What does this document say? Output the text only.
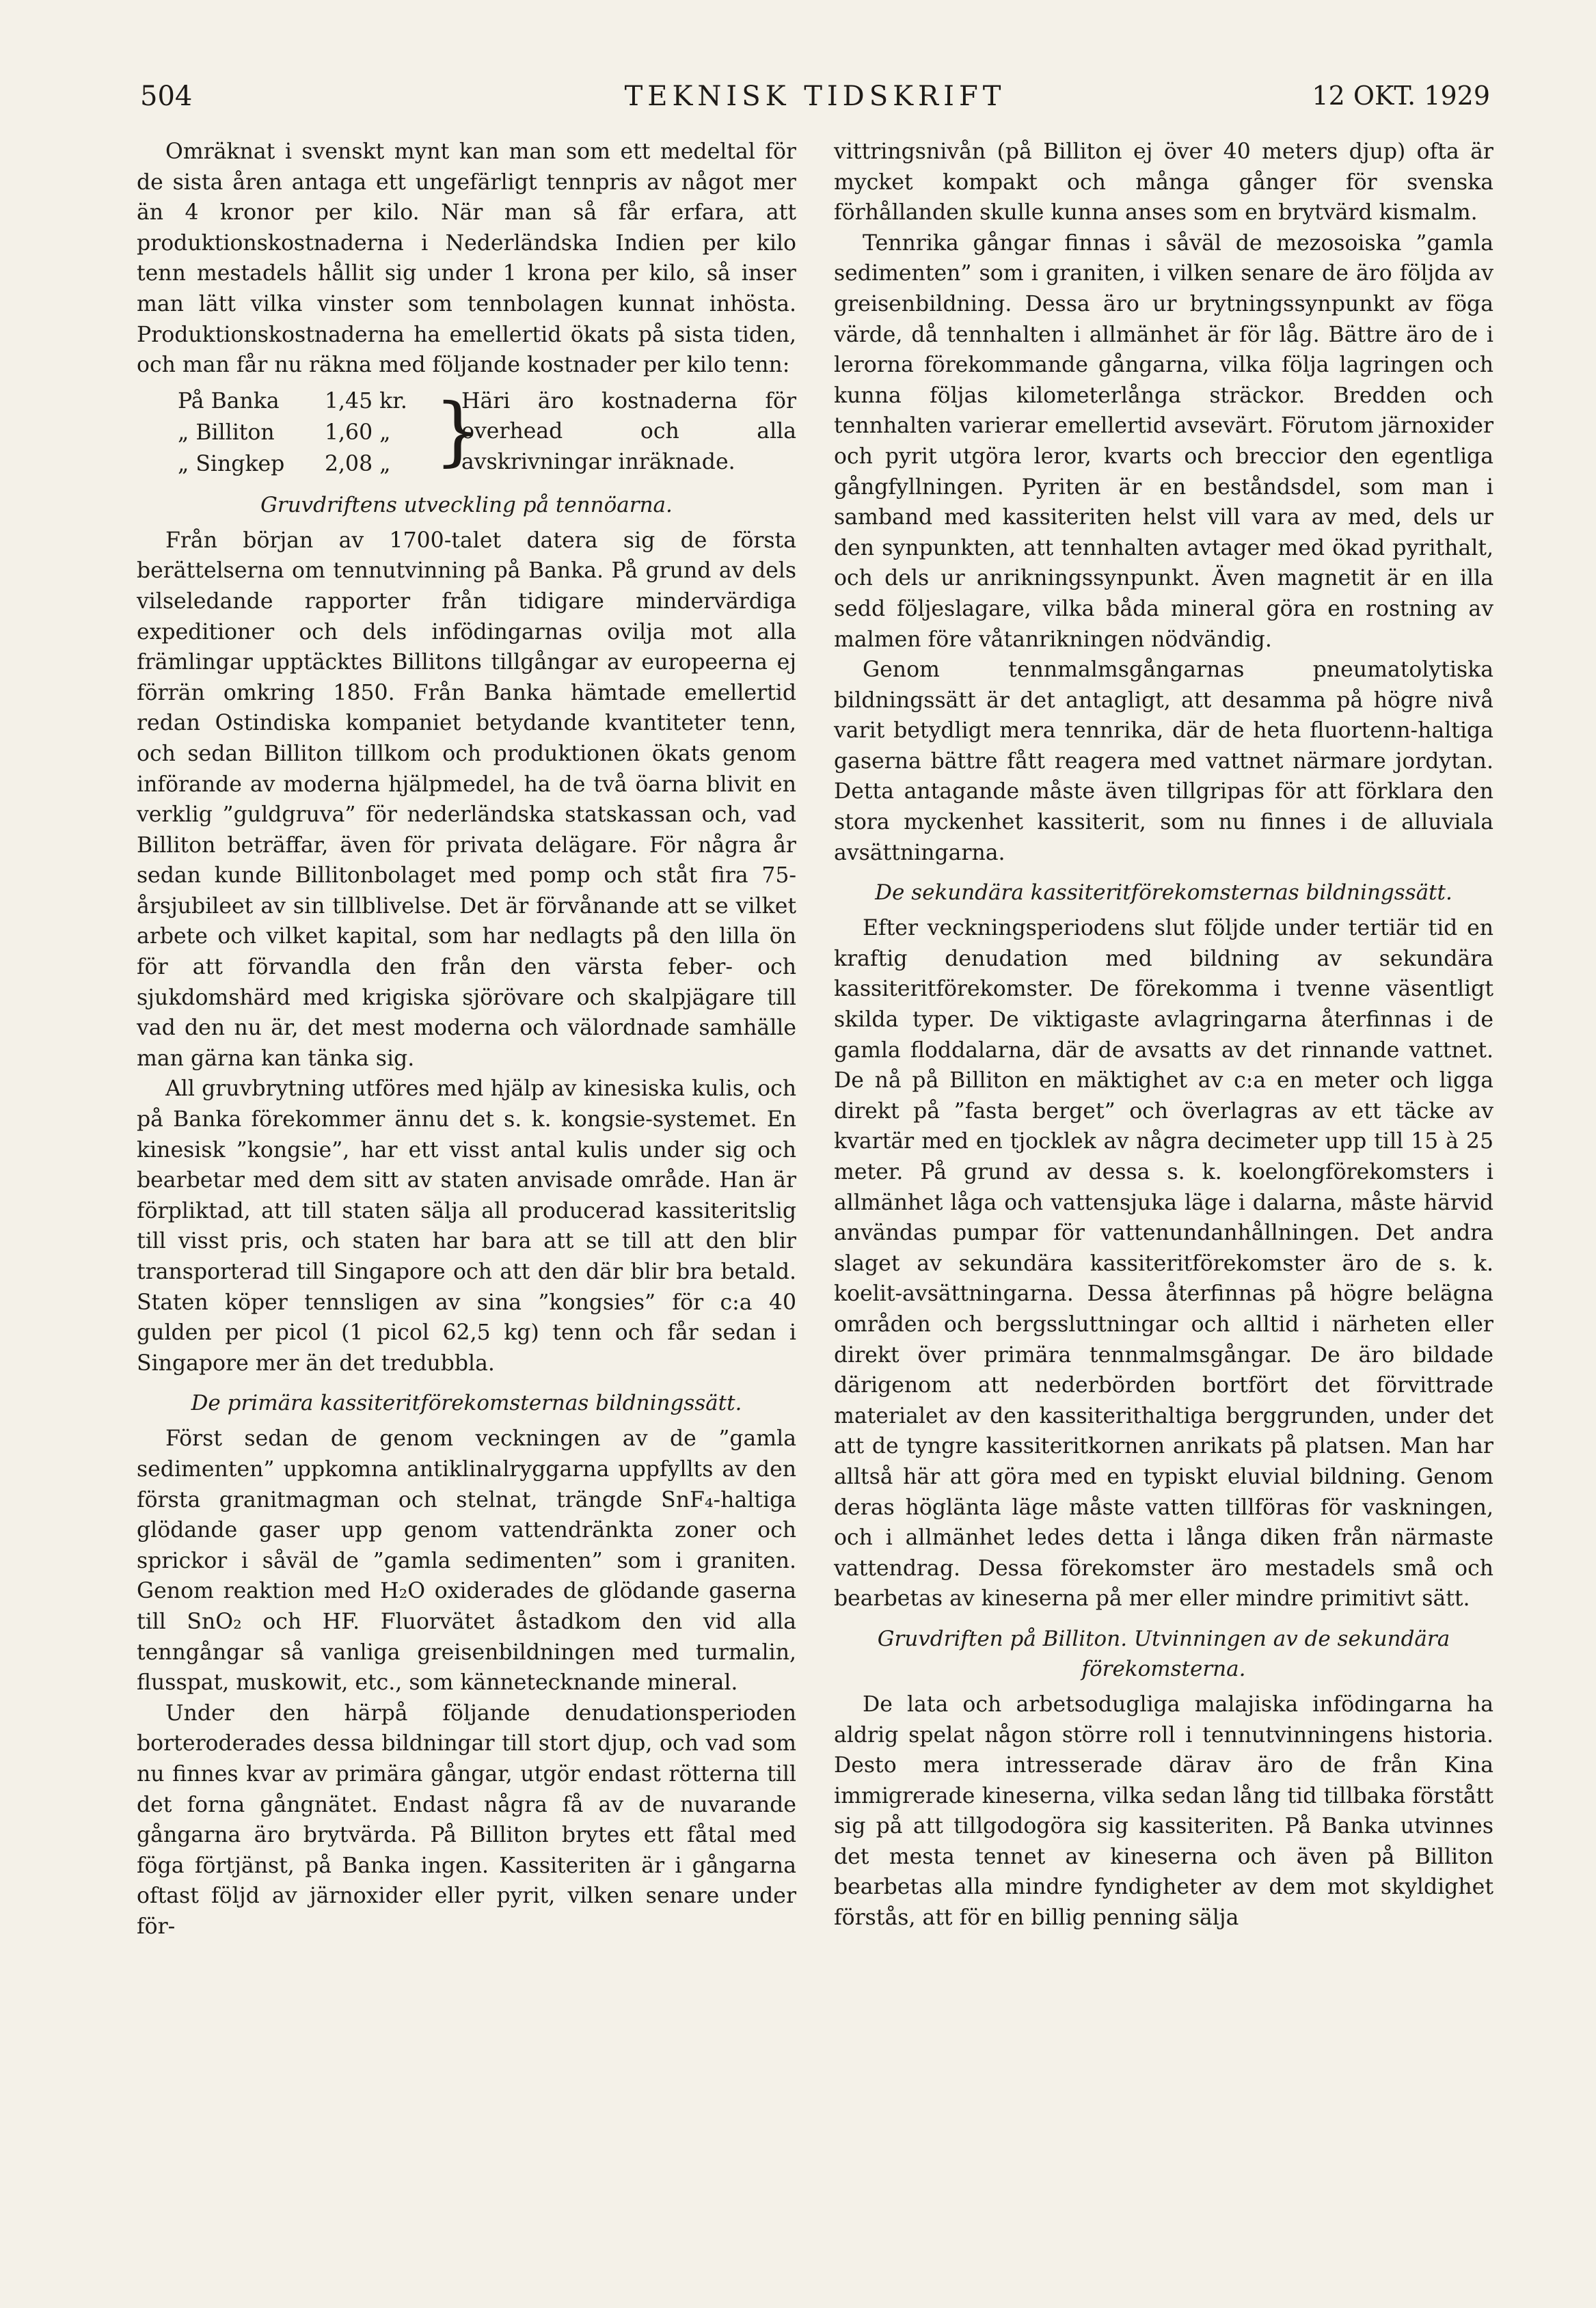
504	TEKNISK TIDSKRIFT	12 OKT. 1929

Omräknat i svenskt mynt kan man som ett medeltal för de sista åren antaga ett ungefärligt tennpris av något mer än 4 kronor per kilo. När man så får erfara, att produktionskostnaderna i Nederländska Indien per kilo tenn mestadels hållit sig under 1 krona per kilo, så inser man lätt vilka vinster som tennbolagen kunnat inhösta. Produktionskostnaderna ha emellertid ökats på sista tiden, och man får nu räkna med följande kostnader per kilo tenn:

På Banka 1,45 kr.
„ Billiton 1,60 „
„ Singkep 2,08 „ }
Häri äro kostnaderna för overhead och alla avskrivningar inräknade.
Gruvdriftens utveckling på tennöarna.

Från början av 1700-talet datera sig de första berättelserna om tennutvinning på Banka. På grund av dels vilseledande rapporter från tidigare mindervärdiga expeditioner och dels infödingarnas ovilja mot alla främlingar upptäcktes Billitons tillgångar av europeerna ej förrän omkring 1850. Från Banka hämtade emellertid redan Ostindiska kompaniet betydande kvantiteter tenn, och sedan Billiton tillkom och produktionen ökats genom införande av moderna hjälpmedel, ha de två öarna blivit en verklig ”guldgruva” för nederländska statskassan och, vad Billiton beträffar, även för privata delägare. För några år sedan kunde Billitonbolaget med pomp och ståt fira 75-årsjubileet av sin tillblivelse. Det är förvånande att se vilket arbete och vilket kapital, som har nedlagts på den lilla ön för att förvandla den från den värsta feber- och sjukdomshärd med krigiska sjörövare och skalpjägare till vad den nu är, det mest moderna och välordnade samhälle man gärna kan tänka sig.

All gruvbrytning utföres med hjälp av kinesiska kulis, och på Banka förekommer ännu det s. k. kongsie-systemet. En kinesisk ”kongsie”, har ett visst antal kulis under sig och bearbetar med dem sitt av staten anvisade område. Han är förpliktad, att till staten sälja all producerad kassiteritslig till visst pris, och staten har bara att se till att den blir transporterad till Singapore och att den där blir bra betald. Staten köper tennsligen av sina ”kongsies” för c:a 40 gulden per picol (1 picol 62,5 kg) tenn och får sedan i Singapore mer än det tredubbla.

De primära kassiteritförekomsternas bildningssätt.

Först sedan de genom veckningen av de ”gamla sedimenten” uppkomna antiklinalryggarna uppfyllts av den första granitmagman och stelnat, trängde SnF₄-haltiga glödande gaser upp genom vattendränkta zoner och sprickor i såväl de ”gamla sedimenten” som i graniten. Genom reaktion med H₂O oxiderades de glödande gaserna till SnO₂ och HF. Fluorvätet åstadkom den vid alla tenngångar så vanliga greisenbildningen med turmalin, flusspat, muskowit, etc., som kännetecknande mineral.

Under den härpå följande denudationsperioden borteroderades dessa bildningar till stort djup, och vad som nu finnes kvar av primära gångar, utgör endast rötterna till det forna gångnätet. Endast några få av de nuvarande gångarna äro brytvärda. På Billiton brytes ett fåtal med föga förtjänst, på Banka ingen. Kassiteriten är i gångarna oftast följd av järnoxider eller pyrit, vilken senare under för-

vittringsnivån (på Billiton ej över 40 meters djup) ofta är mycket kompakt och många gånger för svenska förhållanden skulle kunna anses som en brytvärd kismalm.

Tennrika gångar finnas i såväl de mezosoiska ”gamla sedimenten” som i graniten, i vilken senare de äro följda av greisenbildning. Dessa äro ur brytningssynpunkt av föga värde, då tennhalten i allmänhet är för låg. Bättre äro de i lerorna förekommande gångarna, vilka följa lagringen och kunna följas kilometerlånga sträckor. Bredden och tennhalten varierar emellertid avsevärt. Förutom järnoxider och pyrit utgöra leror, kvarts och breccior den egentliga gångfyllningen. Pyriten är en beståndsdel, som man i samband med kassiteriten helst vill vara av med, dels ur den synpunkten, att tennhalten avtager med ökad pyrithalt, och dels ur anrikningssynpunkt. Även magnetit är en illa sedd följeslagare, vilka båda mineral göra en rostning av malmen före våtanrikningen nödvändig.

Genom tennmalmsgångarnas pneumatolytiska bildningssätt är det antagligt, att desamma på högre nivå varit betydligt mera tennrika, där de heta fluortenn-haltiga gaserna bättre fått reagera med vattnet närmare jordytan. Detta antagande måste även tillgripas för att förklara den stora myckenhet kassiterit, som nu finnes i de alluviala avsättningarna.

De sekundära kassiteritförekomsternas bildningssätt.

Efter veckningsperiodens slut följde under tertiär tid en kraftig denudation med bildning av sekundära kassiteritförekomster. De förekomma i tvenne väsentligt skilda typer. De viktigaste avlagringarna återfinnas i de gamla floddalarna, där de avsatts av det rinnande vattnet. De nå på Billiton en mäktighet av c:a en meter och ligga direkt på ”fasta berget” och överlagras av ett täcke av kvartär med en tjocklek av några decimeter upp till 15 à 25 meter. På grund av dessa s. k. koelongförekomsters i allmänhet låga och vattensjuka läge i dalarna, måste härvid användas pumpar för vattenundanhållningen. Det andra slaget av sekundära kassiteritförekomster äro de s. k. koelit-avsättningarna. Dessa återfinnas på högre belägna områden och bergssluttningar och alltid i närheten eller direkt över primära tennmalmsgångar. De äro bildade därigenom att nederbörden bortfört det förvittrade materialet av den kassiterithaltiga berggrunden, under det att de tyngre kassiteritkornen anrikats på platsen. Man har alltså här att göra med en typiskt eluvial bildning. Genom deras högläntа läge måste vatten tillföras för vaskningen, och i allmänhet ledes detta i långa diken från närmaste vattendrag. Dessa förekomster äro mestadels små och bearbetas av kineserna på mer eller mindre primitivt sätt.

Gruvdriften på Billiton. Utvinningen av de sekundära förekomsterna.

De lata och arbetsodugliga malajiska infödingarna ha aldrig spelat någon större roll i tennutvinningens historia. Desto mera intresserade därav äro de från Kina immigrerade kineserna, vilka sedan lång tid tillbaka förstått sig på att tillgodogöra sig kassiteriten. På Banka utvinnes det mesta tennet av kineserna och även på Billiton bearbetas alla mindre fyndigheter av dem mot skyldighet förstås, att för en billig penning sälja
